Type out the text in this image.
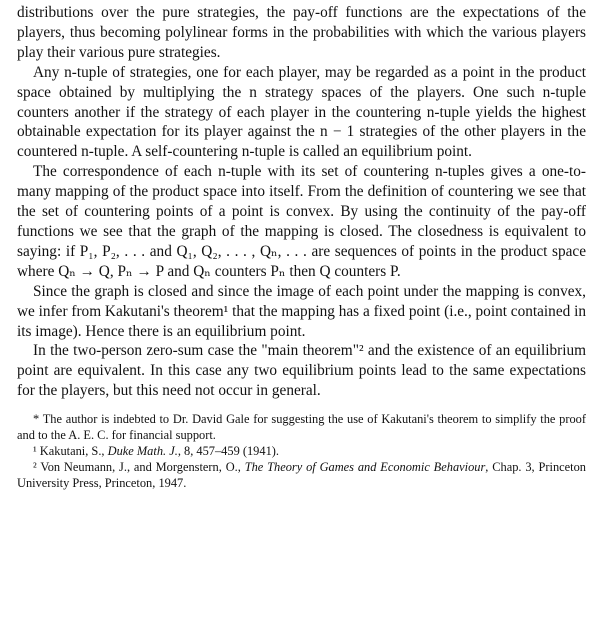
distributions over the pure strategies, the pay-off functions are the expectations of the players, thus becoming polylinear forms in the probabilities with which the various players play their various pure strategies.

Any n-tuple of strategies, one for each player, may be regarded as a point in the product space obtained by multiplying the n strategy spaces of the players. One such n-tuple counters another if the strategy of each player in the countering n-tuple yields the highest obtainable expectation for its player against the n − 1 strategies of the other players in the countered n-tuple. A self-countering n-tuple is called an equilibrium point.

The correspondence of each n-tuple with its set of countering n-tuples gives a one-to-many mapping of the product space into itself. From the definition of countering we see that the set of countering points of a point is convex. By using the continuity of the pay-off functions we see that the graph of the mapping is closed. The closedness is equivalent to saying: if P₁, P₂, . . . and Q₁, Q₂, . . . , Qₙ, . . . are sequences of points in the product space where Qₙ → Q, Pₙ → P and Qₙ counters Pₙ then Q counters P.

Since the graph is closed and since the image of each point under the mapping is convex, we infer from Kakutani's theorem¹ that the mapping has a fixed point (i.e., point contained in its image). Hence there is an equilibrium point.

In the two-person zero-sum case the "main theorem"² and the existence of an equilibrium point are equivalent. In this case any two equilibrium points lead to the same expectations for the players, but this need not occur in general.

* The author is indebted to Dr. David Gale for suggesting the use of Kakutani's theorem to simplify the proof and to the A. E. C. for financial support.

¹ Kakutani, S., Duke Math. J., 8, 457–459 (1941).

² Von Neumann, J., and Morgenstern, O., The Theory of Games and Economic Behaviour, Chap. 3, Princeton University Press, Princeton, 1947.
